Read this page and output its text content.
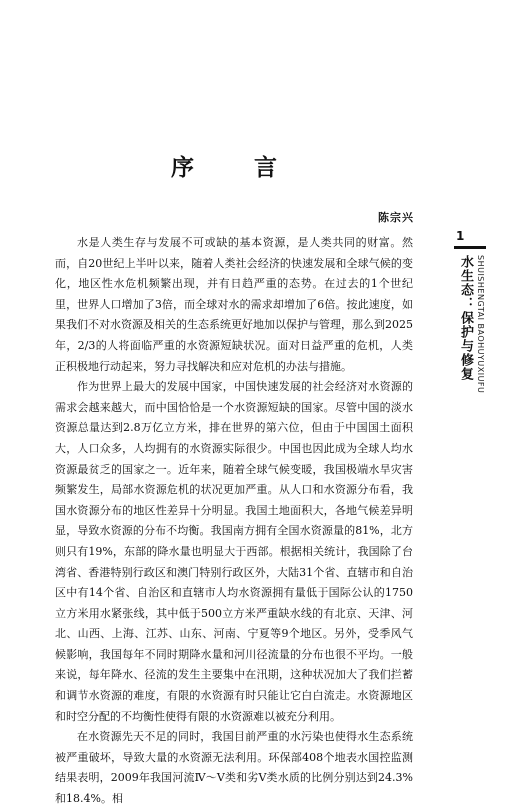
序 言
陈宗兴

水是人类生存与发展不可或缺的基本资源，是人类共同的财富。然而，自20世纪上半叶以来，随着人类社会经济的快速发展和全球气候的变化，地区性水危机频繁出现，并有日趋严重的态势。在过去的1个世纪里，世界人口增加了3倍，而全球对水的需求却增加了6倍。按此速度，如果我们不对水资源及相关的生态系统更好地加以保护与管理，那么到2025年，2/3的人将面临严重的水资源短缺状况。面对日益严重的危机，人类正积极地行动起来，努力寻找解决和应对危机的办法与措施。

作为世界上最大的发展中国家，中国快速发展的社会经济对水资源的需求会越来越大，而中国恰恰是一个水资源短缺的国家。尽管中国的淡水资源总量达到2.8万亿立方米，排在世界的第六位，但由于中国国土面积大，人口众多，人均拥有的水资源实际很少。中国也因此成为全球人均水资源最贫乏的国家之一。近年来，随着全球气候变暖，我国极端水旱灾害频繁发生，局部水资源危机的状况更加严重。从人口和水资源分布看，我国水资源分布的地区性差异十分明显。我国土地面积大，各地气候差异明显，导致水资源的分布不均衡。我国南方拥有全国水资源量的81%，北方则只有19%，东部的降水量也明显大于西部。根据相关统计，我国除了台湾省、香港特别行政区和澳门特别行政区外，大陆31个省、直辖市和自治区中有14个省、自治区和直辖市人均水资源拥有量低于国际公认的1750立方米用水紧张线，其中低于500立方米严重缺水线的有北京、天津、河北、山西、上海、江苏、山东、河南、宁夏等9个地区。另外，受季风气候影响，我国每年不同时期降水量和河川径流量的分布也很不平均。一般来说，每年降水、径流的发生主要集中在汛期，这种状况加大了我们拦蓄和调节水资源的难度，有限的水资源有时只能让它白白流走。水资源地区和时空分配的不均衡性使得有限的水资源难以被充分利用。

在水资源先天不足的同时，我国目前严重的水污染也使得水生态系统被严重破坏，导致大量的水资源无法利用。环保部408个地表水国控监测结果表明，2009年我国河流Ⅳ～Ⅴ类和劣Ⅴ类水质的比例分别达到24.3%和18.4%。相

1
水生态：保护与修复 SHUISHENGTAI BAOHUYUXIUFU
